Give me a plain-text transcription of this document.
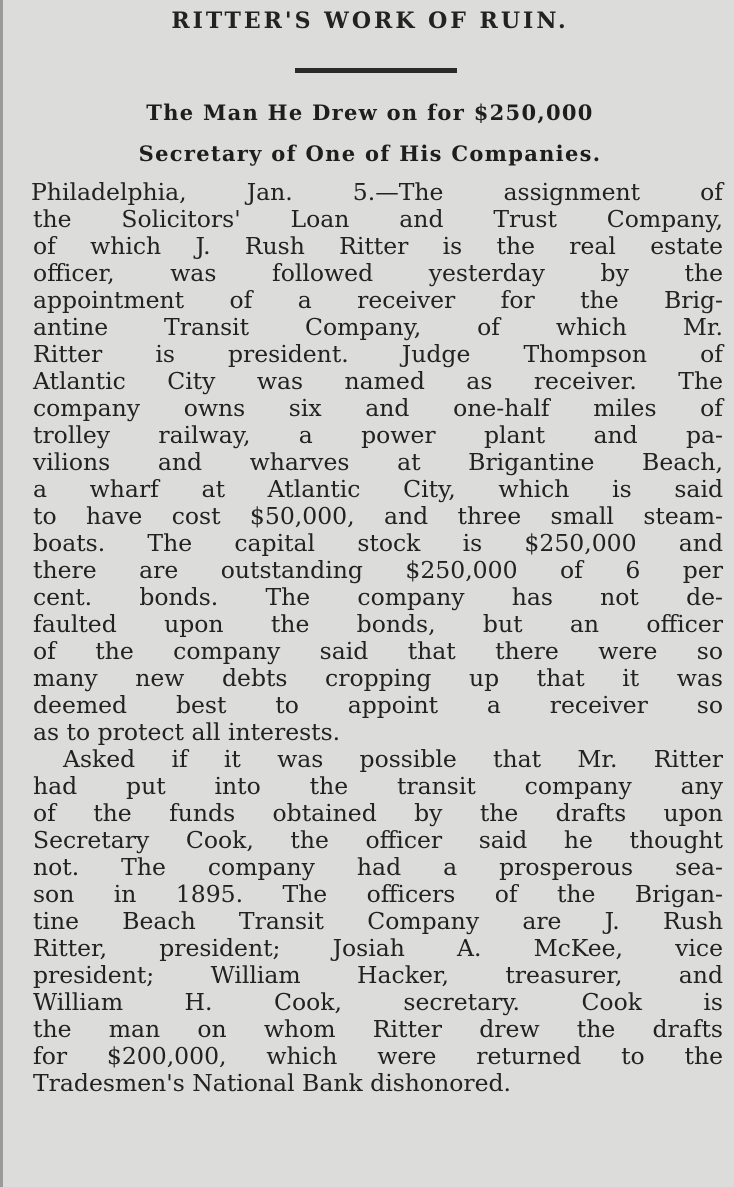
RITTER'S WORK OF RUIN.
The Man He Drew on for $250,000
Secretary of One of His Companies.
Philadelphia, Jan. 5.—The assignment of
the Solicitors' Loan and Trust Company,
of which J. Rush Ritter is the real estate
officer, was followed yesterday by the
appointment of a receiver for the Brig-
antine Transit Company, of which Mr.
Ritter is president. Judge Thompson of
Atlantic City was named as receiver. The
company owns six and one-half miles of
trolley railway, a power plant and pa-
vilions and wharves at Brigantine Beach,
a wharf at Atlantic City, which is said
to have cost $50,000, and three small steam-
boats. The capital stock is $250,000 and
there are outstanding $250,000 of 6 per
cent. bonds. The company has not de-
faulted upon the bonds, but an officer
of the company said that there were so
many new debts cropping up that it was
deemed best to appoint a receiver so
as to protect all interests.
Asked if it was possible that Mr. Ritter
had put into the transit company any
of the funds obtained by the drafts upon
Secretary Cook, the officer said he thought
not. The company had a prosperous sea-
son in 1895. The officers of the Brigan-
tine Beach Transit Company are J. Rush
Ritter, president; Josiah A. McKee, vice
president; William Hacker, treasurer, and
William H. Cook, secretary. Cook is
the man on whom Ritter drew the drafts
for $200,000, which were returned to the
Tradesmen's National Bank dishonored.
